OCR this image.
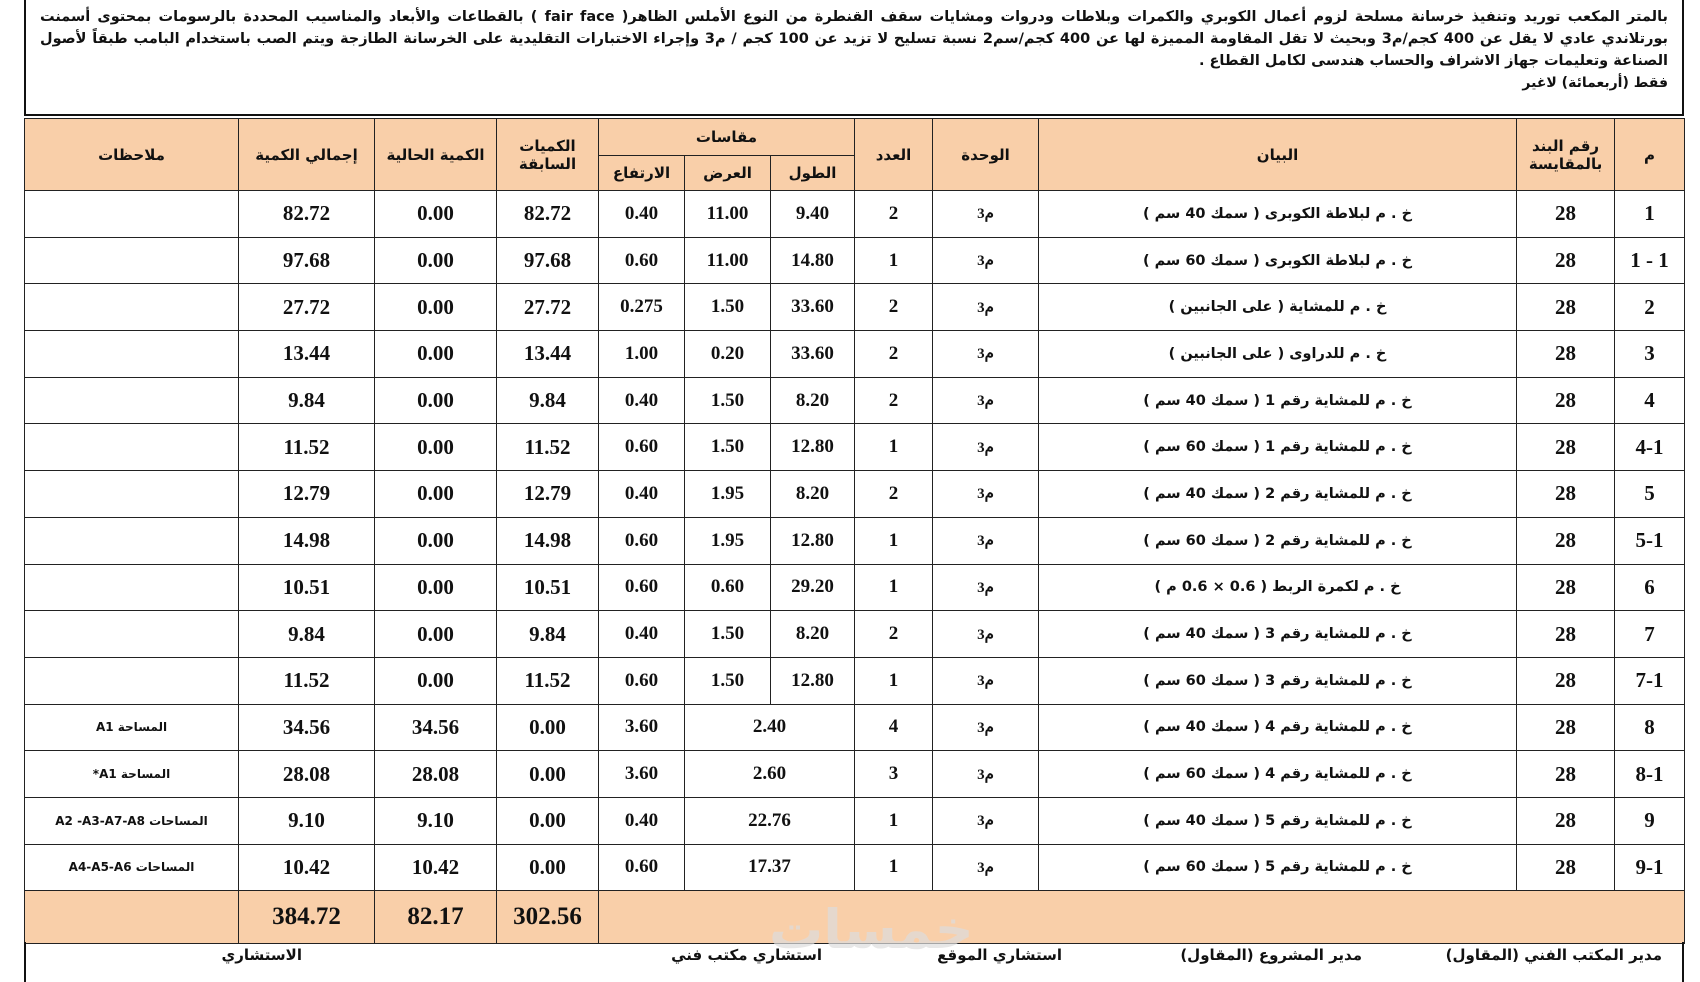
بالمتر المكعب توريد وتنفيذ خرسانة مسلحة لزوم أعمال الكوبري والكمرات وبلاطات ودروات ومشايات سقف القنطرة من النوع الأملس الظاهر( fair face ) بالقطاعات والأبعاد والمناسيب المحددة بالرسومات بمحتوى أسمنت بورتلاندي عادي لا يقل عن 400 كجم/م3 وبحيث لا تقل المقاومة المميزة لها عن 400 كجم/سم2 نسبة تسليح لا تزيد عن 100 كجم / م3 وإجراء الاختبارات التقليدية على الخرسانة الطازجة ويتم الصب باستخدام البامب طبقاً لأصول الصناعة وتعليمات جهاز الاشراف والحساب هندسى لكامل القطاع .
فقط (أربعمائة) لاغير
م	رقم البند بالمقايسة	البيان	الوحدة	العدد	مقاسات			الكميات السابقة	الكمية الحالية	إجمالي الكمية	ملاحظات
					الطول	العرض	الارتفاع				
1	28	خ . م لبلاطة الكوبرى ( سمك 40 سم )	م3	2	9.40	11.00	0.40	82.72	0.00	82.72	
1 - 1	28	خ . م لبلاطة الكوبرى ( سمك 60 سم )	م3	1	14.80	11.00	0.60	97.68	0.00	97.68	
2	28	خ . م للمشاية ( على الجانبين )	م3	2	33.60	1.50	0.275	27.72	0.00	27.72	
3	28	خ . م للدراوى ( على الجانبين )	م3	2	33.60	0.20	1.00	13.44	0.00	13.44	
4	28	خ . م للمشاية رقم 1 ( سمك 40 سم )	م3	2	8.20	1.50	0.40	9.84	0.00	9.84	
4-1	28	خ . م للمشاية رقم 1 ( سمك 60 سم )	م3	1	12.80	1.50	0.60	11.52	0.00	11.52	
5	28	خ . م للمشاية رقم 2 ( سمك 40 سم )	م3	2	8.20	1.95	0.40	12.79	0.00	12.79	
5-1	28	خ . م للمشاية رقم 2 ( سمك 60 سم )	م3	1	12.80	1.95	0.60	14.98	0.00	14.98	
6	28	خ . م لكمرة الربط ( 0.6 × 0.6 م )	م3	1	29.20	0.60	0.60	10.51	0.00	10.51	
7	28	خ . م للمشاية رقم 3 ( سمك 40 سم )	م3	2	8.20	1.50	0.40	9.84	0.00	9.84	
7-1	28	خ . م للمشاية رقم 3 ( سمك 60 سم )	م3	1	12.80	1.50	0.60	11.52	0.00	11.52	
8	28	خ . م للمشاية رقم 4 ( سمك 40 سم )	م3	4	2.40		3.60	0.00	34.56	34.56	المساحة A1
8-1	28	خ . م للمشاية رقم 4 ( سمك 60 سم )	م3	3	2.60		3.60	0.00	28.08	28.08	المساحة A1*
9	28	خ . م للمشاية رقم 5 ( سمك 40 سم )	م3	1	22.76		0.40	0.00	9.10	9.10	المساحات A2 -A3-A7-A8
9-1	28	خ . م للمشاية رقم 5 ( سمك 60 سم )	م3	1	17.37		0.60	0.00	10.42	10.42	المساحات A4-A5-A6
								302.56	82.17	384.72		خمسات	مدير المكتب الفني (المقاول)
مدير المشروع (المقاول)
استشاري الموقع
استشاري مكتب فني
الاستشاري
